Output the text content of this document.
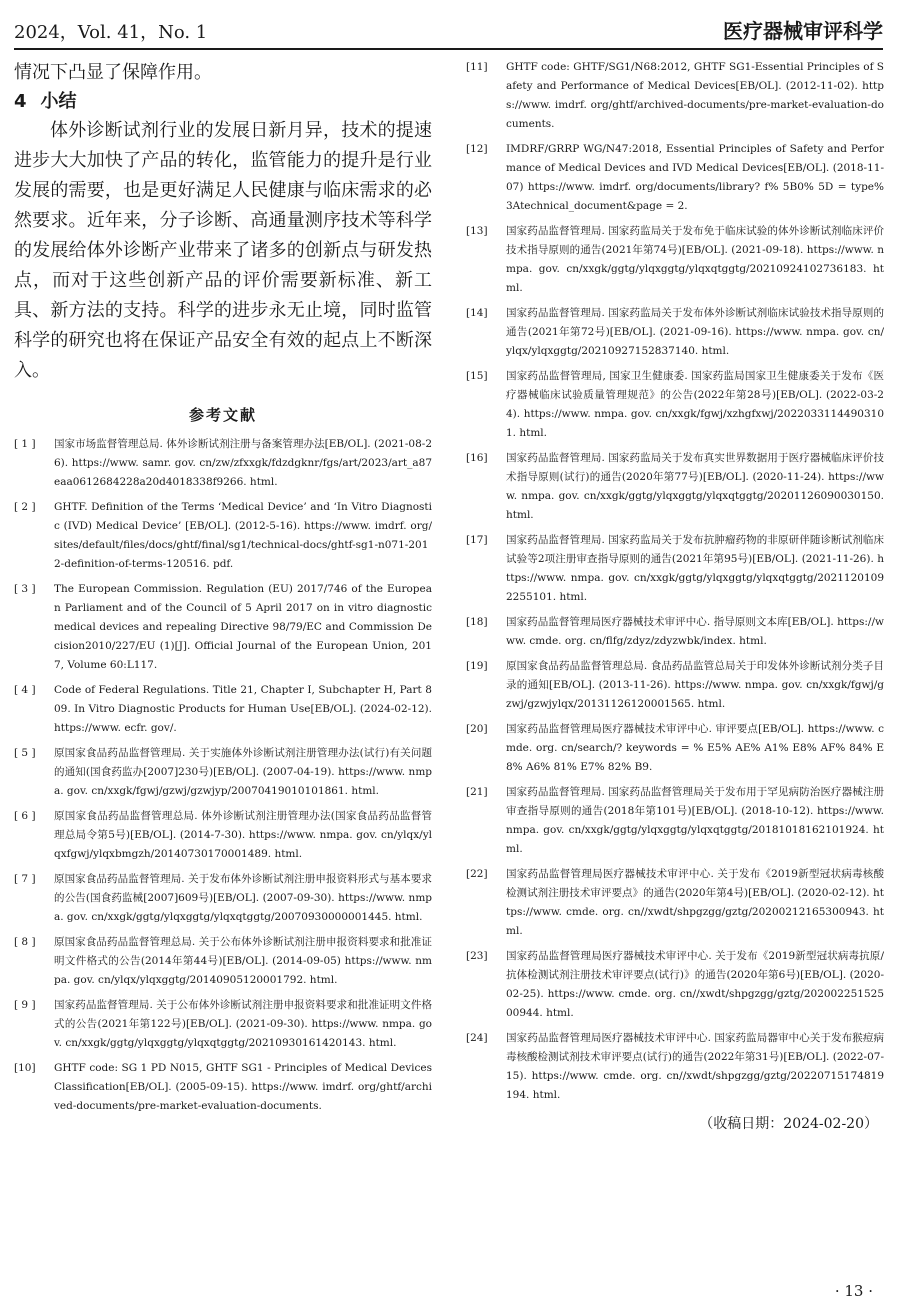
2024，Vol. 41，No. 1	医疗器械审评科学

情况下凸显了保障作用。

4 小结

体外诊断试剂行业的发展日新月异，技术的提速进步大大加快了产品的转化，监管能力的提升是行业发展的需要，也是更好满足人民健康与临床需求的必然要求。近年来，分子诊断、高通量测序技术等科学的发展给体外诊断产业带来了诸多的创新点与研发热点，而对于这些创新产品的评价需要新标准、新工具、新方法的支持。科学的进步永无止境，同时监管科学的研究也将在保证产品安全有效的起点上不断深入。

参考文献
[ 1 ]	国家市场监督管理总局. 体外诊断试剂注册与备案管理办法[EB/OL]. (2021-08-26). https://www. samr. gov. cn/zw/zfxxgk/fdzdgknr/fgs/art/2023/art_a87eaa0612684228a20d4018338f9266. html.
[ 2 ]	GHTF. Definition of the Terms ‘Medical Device’ and ‘In Vitro Diagnostic (IVD) Medical Device’ [EB/OL]. (2012-5-16). https://www. imdrf. org/sites/default/files/docs/ghtf/final/sg1/technical-docs/ghtf-sg1-n071-2012-definition-of-terms-120516. pdf.
[ 3 ]	The European Commission. Regulation (EU) 2017/746 of the European Parliament and of the Council of 5 April 2017 on in vitro diagnostic medical devices and repealing Directive 98/79/EC and Commission Decision2010/227/EU (1)[J]. Official Journal of the European Union, 2017, Volume 60:L117.
[ 4 ]	Code of Federal Regulations. Title 21, Chapter I, Subchapter H, Part 809. In Vitro Diagnostic Products for Human Use[EB/OL]. (2024-02-12). https://www. ecfr. gov/.
[ 5 ]	原国家食品药品监督管理局. 关于实施体外诊断试剂注册管理办法(试行)有关问题的通知(国食药监办[2007]230号)[EB/OL]. (2007-04-19). https://www. nmpa. gov. cn/xxgk/fgwj/gzwj/gzwjyp/20070419010101861. html.
[ 6 ]	原国家食品药品监督管理总局. 体外诊断试剂注册管理办法(国家食品药品监督管理总局令第5号)[EB/OL]. (2014-7-30). https://www. nmpa. gov. cn/ylqx/ylqxfgwj/ylqxbmgzh/20140730170001489. html.
[ 7 ]	原国家食品药品监督管理局. 关于发布体外诊断试剂注册申报资料形式与基本要求的公告(国食药监械[2007]609号)[EB/OL]. (2007-09-30). https://www. nmpa. gov. cn/xxgk/ggtg/ylqxggtg/ylqxqtggtg/20070930000001445. html.
[ 8 ]	原国家食品药品监督管理总局. 关于公布体外诊断试剂注册申报资料要求和批准证明文件格式的公告(2014年第44号)[EB/OL]. (2014-09-05) https://www. nmpa. gov. cn/ylqx/ylqxggtg/20140905120001792. html.
[ 9 ]	国家药品监督管理局. 关于公布体外诊断试剂注册申报资料要求和批准证明文件格式的公告(2021年第122号)[EB/OL]. (2021-09-30). https://www. nmpa. gov. cn/xxgk/ggtg/ylqxggtg/ylqxqtggtg/20210930161420143. html.
[10]	GHTF code: SG 1 PD N015, GHTF SG1 - Principles of Medical Devices Classification[EB/OL]. (2005-09-15). https://www. imdrf. org/ghtf/archived-documents/pre-market-evaluation-documents.
[11]	GHTF code: GHTF/SG1/N68:2012, GHTF SG1-Essential Principles of Safety and Performance of Medical Devices[EB/OL]. (2012-11-02). https://www. imdrf. org/ghtf/archived-documents/pre-market-evaluation-documents.
[12]	IMDRF/GRRP WG/N47:2018, Essential Principles of Safety and Performance of Medical Devices and IVD Medical Devices[EB/OL]. (2018-11-07) https://www. imdrf. org/documents/library? f% 5B0% 5D = type% 3Atechnical_document&page = 2.
[13]	国家药品监督管理局. 国家药监局关于发布免于临床试验的体外诊断试剂临床评价技术指导原则的通告(2021年第74号)[EB/OL]. (2021-09-18). https://www. nmpa. gov. cn/xxgk/ggtg/ylqxggtg/ylqxqtggtg/20210924102736183. html.
[14]	国家药品监督管理局. 国家药监局关于发布体外诊断试剂临床试验技术指导原则的通告(2021年第72号)[EB/OL]. (2021-09-16). https://www. nmpa. gov. cn/ylqx/ylqxggtg/20210927152837140. html.
[15]	国家药品监督管理局, 国家卫生健康委. 国家药监局国家卫生健康委关于发布《医疗器械临床试验质量管理规范》的公告(2022年第28号)[EB/OL]. (2022-03-24). https://www. nmpa. gov. cn/xxgk/fgwj/xzhgfxwj/20220331144903101. html.
[16]	国家药品监督管理局. 国家药监局关于发布真实世界数据用于医疗器械临床评价技术指导原则(试行)的通告(2020年第77号)[EB/OL]. (2020-11-24). https://www. nmpa. gov. cn/xxgk/ggtg/ylqxggtg/ylqxqtggtg/20201126090030150. html.
[17]	国家药品监督管理局. 国家药监局关于发布抗肿瘤药物的非原研伴随诊断试剂临床试验等2项注册审查指导原则的通告(2021年第95号)[EB/OL]. (2021-11-26). https://www. nmpa. gov. cn/xxgk/ggtg/ylqxggtg/ylqxqtggtg/20211201092255101. html.
[18]	国家药品监督管理局医疗器械技术审评中心. 指导原则文本库[EB/OL]. https://www. cmde. org. cn/flfg/zdyz/zdyzwbk/index. html.
[19]	原国家食品药品监督管理总局. 食品药品监管总局关于印发体外诊断试剂分类子目录的通知[EB/OL]. (2013-11-26). https://www. nmpa. gov. cn/xxgk/fgwj/gzwj/gzwjylqx/20131126120001565. html.
[20]	国家药品监督管理局医疗器械技术审评中心. 审评要点[EB/OL]. https://www. cmde. org. cn/search/? keywords = % E5% AE% A1% E8% AF% 84% E8% A6% 81% E7% 82% B9.
[21]	国家药品监督管理局. 国家药品监督管理局关于发布用于罕见病防治医疗器械注册审查指导原则的通告(2018年第101号)[EB/OL]. (2018-10-12). https://www. nmpa. gov. cn/xxgk/ggtg/ylqxggtg/ylqxqtggtg/20181018162101924. html.
[22]	国家药品监督管理局医疗器械技术审评中心. 关于发布《2019新型冠状病毒核酸检测试剂注册技术审评要点》的通告(2020年第4号)[EB/OL]. (2020-02-12). https://www. cmde. org. cn//xwdt/shpgzgg/gztg/20200212165300943. html.
[23]	国家药品监督管理局医疗器械技术审评中心. 关于发布《2019新型冠状病毒抗原/抗体检测试剂注册技术审评要点(试行)》的通告(2020年第6号)[EB/OL]. (2020-02-25). https://www. cmde. org. cn//xwdt/shpgzgg/gztg/20200225152500944. html.
[24]	国家药品监督管理局医疗器械技术审评中心. 国家药监局器审中心关于发布猴痘病毒核酸检测试剂技术审评要点(试行)的通告(2022年第31号)[EB/OL]. (2022-07-15). https://www. cmde. org. cn//xwdt/shpgzgg/gztg/20220715174819194. html.
（收稿日期：2024-02-20）
· 13 ·
